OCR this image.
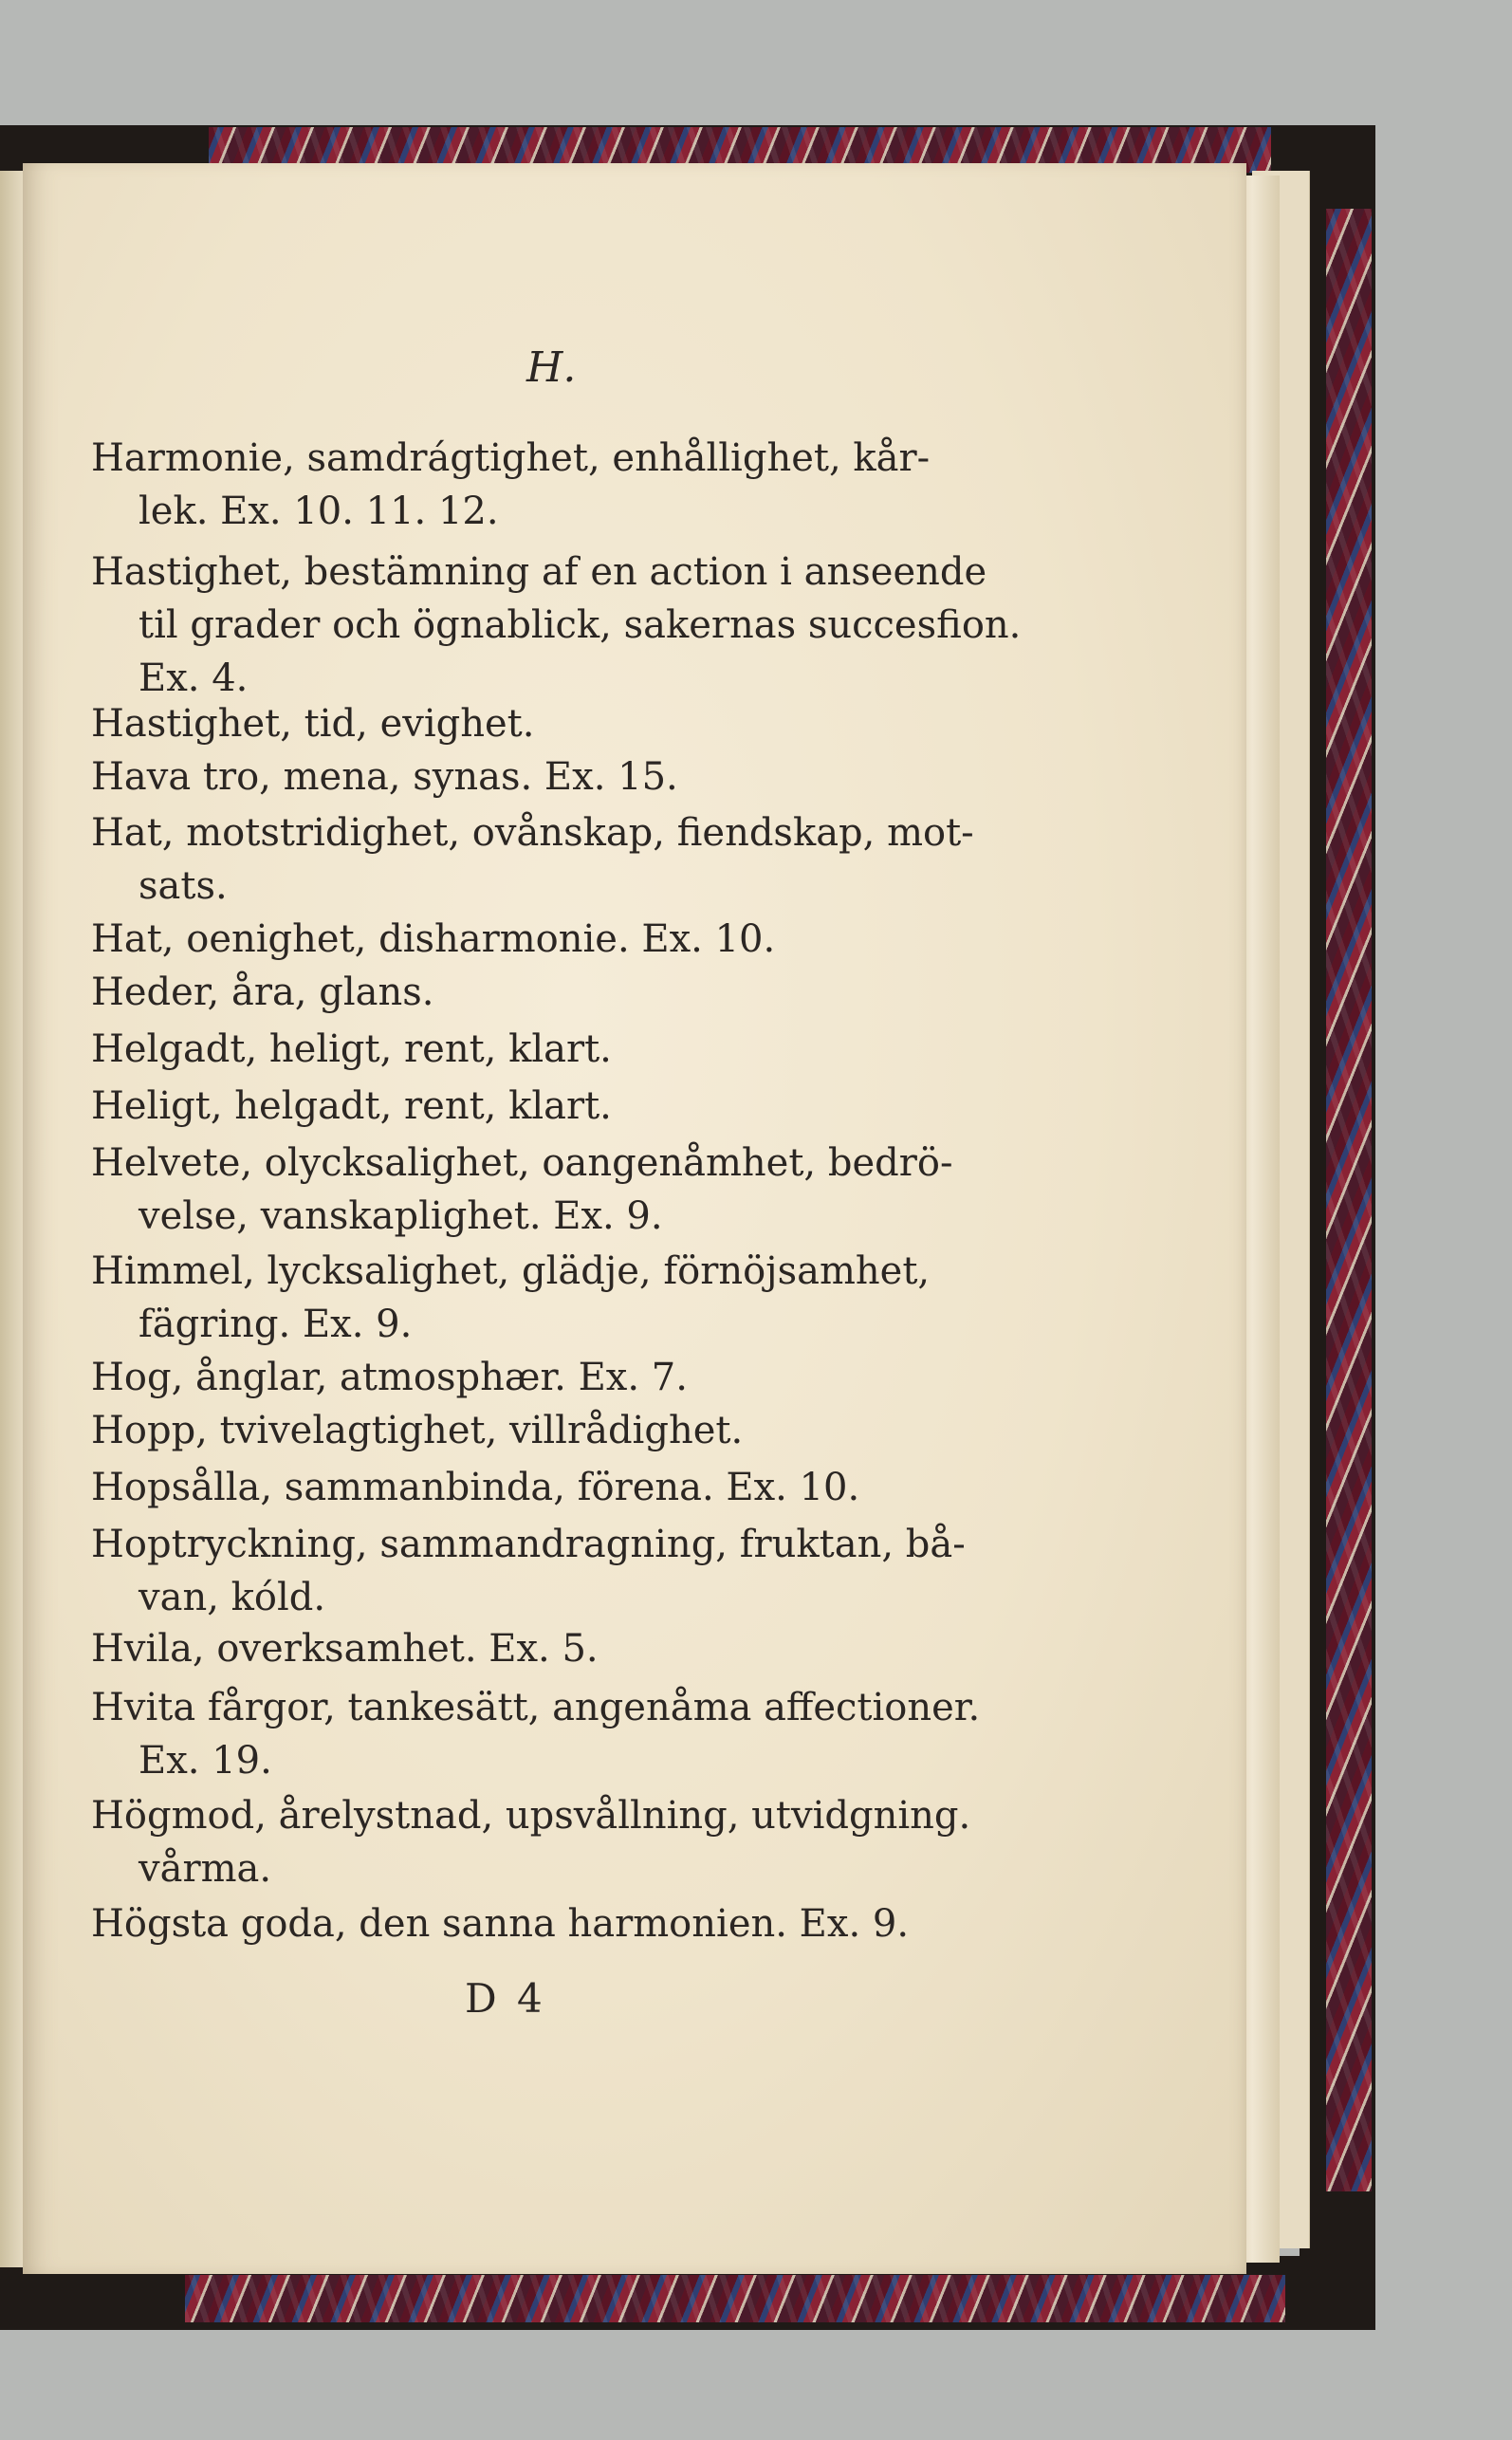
H.
Harmonie, samdrágtighet, enhållighet, kår-
lek. Ex. 10. 11. 12.
Hastighet, bestämning af en action i anseende
til grader och ögnablick, sakernas succesfion.
Ex. 4.
Hastighet, tid, evighet.
Hava tro, mena, synas. Ex. 15.
Hat, motstridighet, ovånskap, fiendskap, mot-
sats.
Hat, oenighet, disharmonie. Ex. 10.
Heder, åra, glans.
Helgadt, heligt, rent, klart.
Heligt, helgadt, rent, klart.
Helvete, olycksalighet, oangenåmhet, bedrö-
velse, vanskaplighet. Ex. 9.
Himmel, lycksalighet, glädje, förnöjsamhet,
fägring. Ex. 9.
Hog, ånglar, atmosphær. Ex. 7.
Hopp, tvivelagtighet, villrådighet.
Hopsålla, sammanbinda, förena. Ex. 10.
Hoptryckning, sammandragning, fruktan, bå-
van, kóld.
Hvila, overksamhet. Ex. 5.
Hvita fårgor, tankesätt, angenåma affectioner.
Ex. 19.
Högmod, årelystnad, upsvållning, utvidgning.
vårma.
Högsta goda, den sanna harmonien. Ex. 9.
D 4
